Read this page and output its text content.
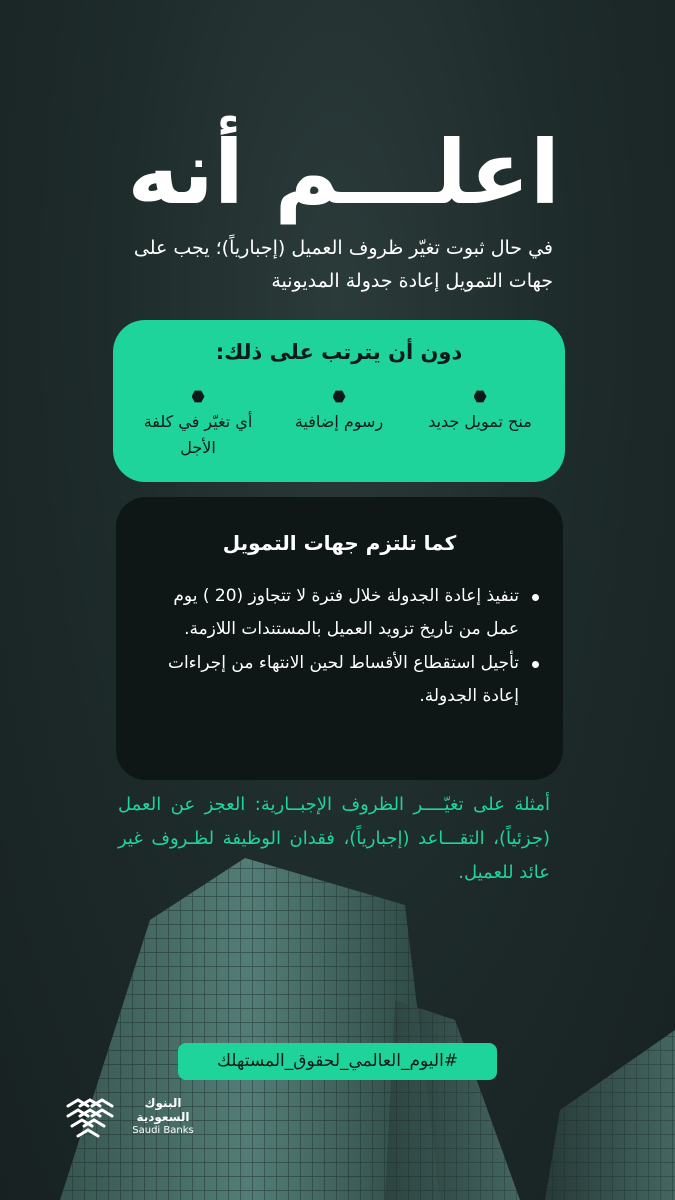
اعلـــم أنه

في حال ثبوت تغيّر ظروف العميل (إجبارياً)؛ يجب على جهات التمويل إعادة جدولة المديونية

دون أن يترتب على ذلك:
منح تمويل جديد
رسوم إضافية
أي تغيّر في كلفة الأجل
كما تلتزم جهات التمويل
تنفيذ إعادة الجدولة خلال فترة لا تتجاوز (20 ) يوم عمل من تاريخ تزويد العميل بالمستندات اللازمة.
تأجيل استقطاع الأقساط لحين الانتهاء من إجراءات إعادة الجدولة.

أمثلة على تغيّــــر الظروف الإجبــارية: العجز عن العمل (جزئياً)، التقـــاعد (إجبارياً)، فقدان الوظيفة لظـروف غير عائد للعميل.

#اليوم_العالمي_لحقوق_المستهلك
البنوك السعودية
Saudi Banks
